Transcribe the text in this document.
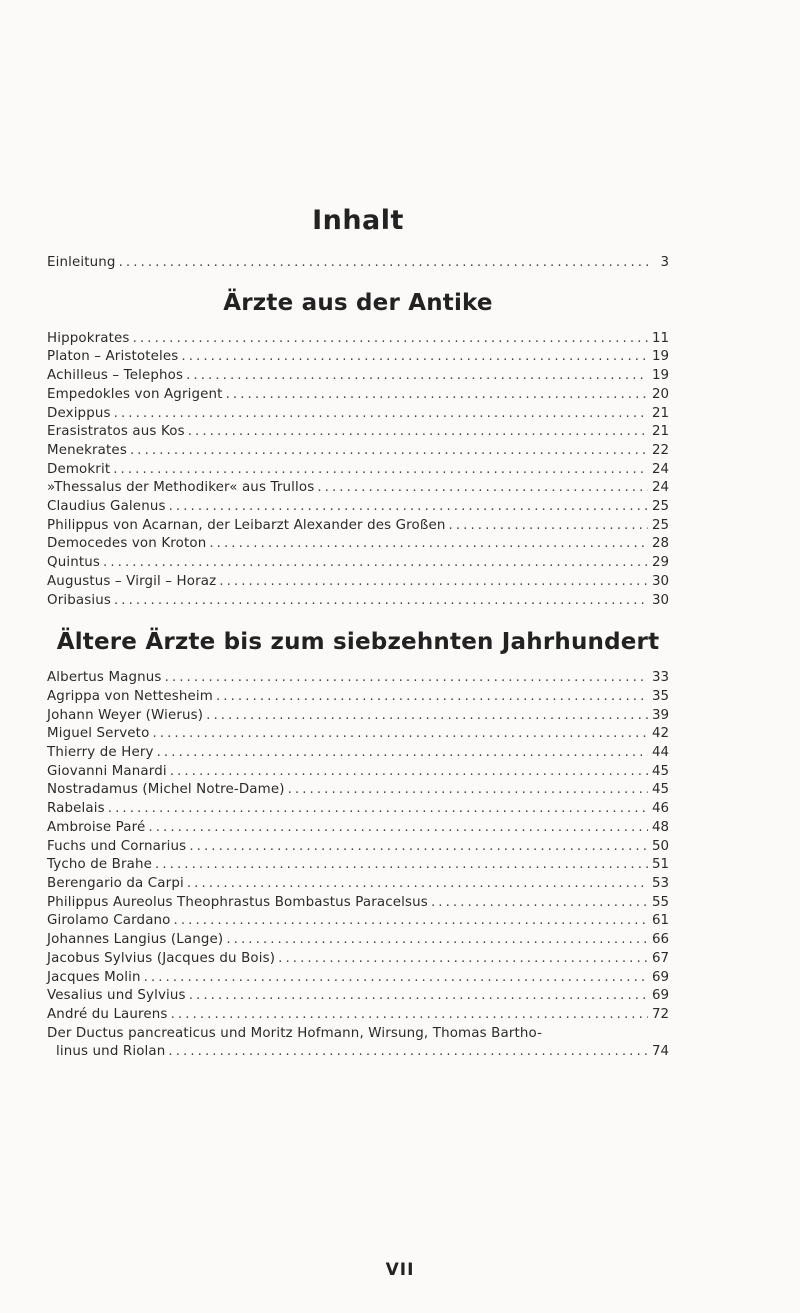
Inhalt
Einleitung . . .	3
Ärzte aus der Antike
Hippokrates . . .	11
Platon – Aristoteles . . .	19
Achilleus – Telephos . . .	19
Empedokles von Agrigent . . .	20
Dexippus . . .	21
Erasistratos aus Kos . . .	21
Menekrates . . .	22
Demokrit . . .	24
»Thessalus der Methodiker« aus Trullos . . .	24
Claudius Galenus . . .	25
Philippus von Acarnan, der Leibarzt Alexander des Großen . . .	25
Democedes von Kroton . . .	28
Quintus . . .	29
Augustus – Virgil – Horaz . . .	30
Oribasius . . .	30
Ältere Ärzte bis zum siebzehnten Jahrhundert
Albertus Magnus . . .	33
Agrippa von Nettesheim . . .	35
Johann Weyer (Wierus) . . .	39
Miguel Serveto . . .	42
Thierry de Hery . . .	44
Giovanni Manardi . . .	45
Nostradamus (Michel Notre-Dame) . . .	45
Rabelais . . .	46
Ambroise Paré . . .	48
Fuchs und Cornarius . . .	50
Tycho de Brahe . . .	51
Berengario da Carpi . . .	53
Philippus Aureolus Theophrastus Bombastus Paracelsus . . .	55
Girolamo Cardano . . .	61
Johannes Langius (Lange) . . .	66
Jacobus Sylvius (Jacques du Bois) . . .	67
Jacques Molin . . .	69
Vesalius und Sylvius . . .	69
André du Laurens . . .	72
Der Ductus pancreaticus und Moritz Hofmann, Wirsung, Thomas Bartho-
linus und Riolan . . .	74
VII
